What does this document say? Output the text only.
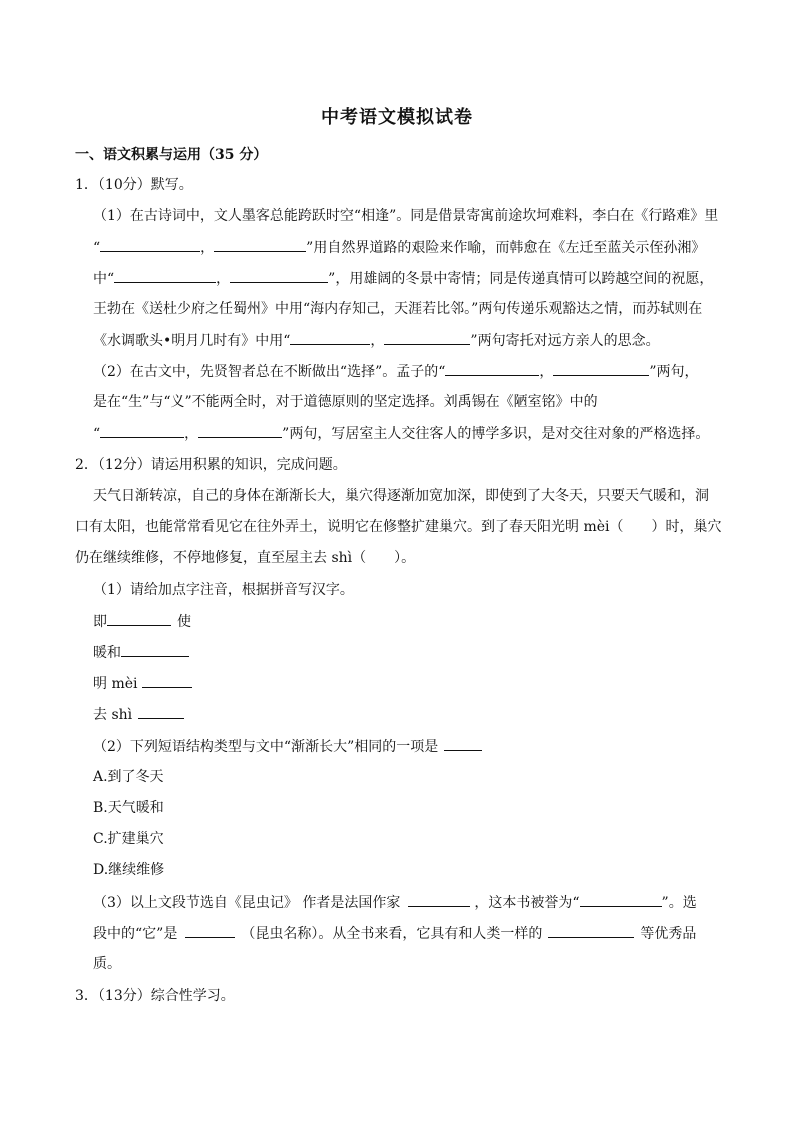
中考语文模拟试卷
一、语文积累与运用（35 分）
1．（10分）默写。
（1）在古诗词中，文人墨客总能跨跃时空“相逢”。同是借景寄寓前途坎坷难料，李白在《行路难》里
“	，	”用自然界道路的艰险来作喻，而韩愈在《左迁至蓝关示侄孙湘》
中“	，	”，用雄阔的冬景中寄情；同是传递真情可以跨越空间的祝愿，
王勃在《送杜少府之任蜀州》中用“海内存知己，天涯若比邻。”两句传递乐观豁达之情，而苏轼则在
《水调歌头•明月几时有》中用“	，	”两句寄托对远方亲人的思念。
（2）在古文中，先贤智者总在不断做出“选择”。孟子的“	，	”两句，
是在“生”与“义”不能两全时，对于道德原则的坚定选择。刘禹锡在《陋室铭》中的
“	，	”两句，写居室主人交往客人的博学多识，是对交往对象的严格选择。
2．（12分）请运用积累的知识，完成问题。
天气日渐转凉，自己的身体在渐渐长大，巢穴得逐渐加宽加深，即使到了大冬天，只要天气暖和，洞
口有太阳，也能常常看见它在往外弄土，说明它在修整扩建巢穴。到了春天阳光明 mèi（　　）时，巢穴
仍在继续维修，不停地修复，直至屋主去 shì（　　）。
（1）请给加点字注音，根据拼音写汉字。
即	使
暖和
明 mèi
去 shì
（2）下列短语结构类型与文中“渐渐长大”相同的一项是
A.到了冬天
B.天气暖和
C.扩建巢穴
D.继续维修
（3）以上文段节选自《昆虫记》 作者是法国作家	，这本书被誉为“	”。选
段中的“它”是	（昆虫名称）。从全书来看，它具有和人类一样的	等优秀品
质。
3．（13分）综合性学习。
